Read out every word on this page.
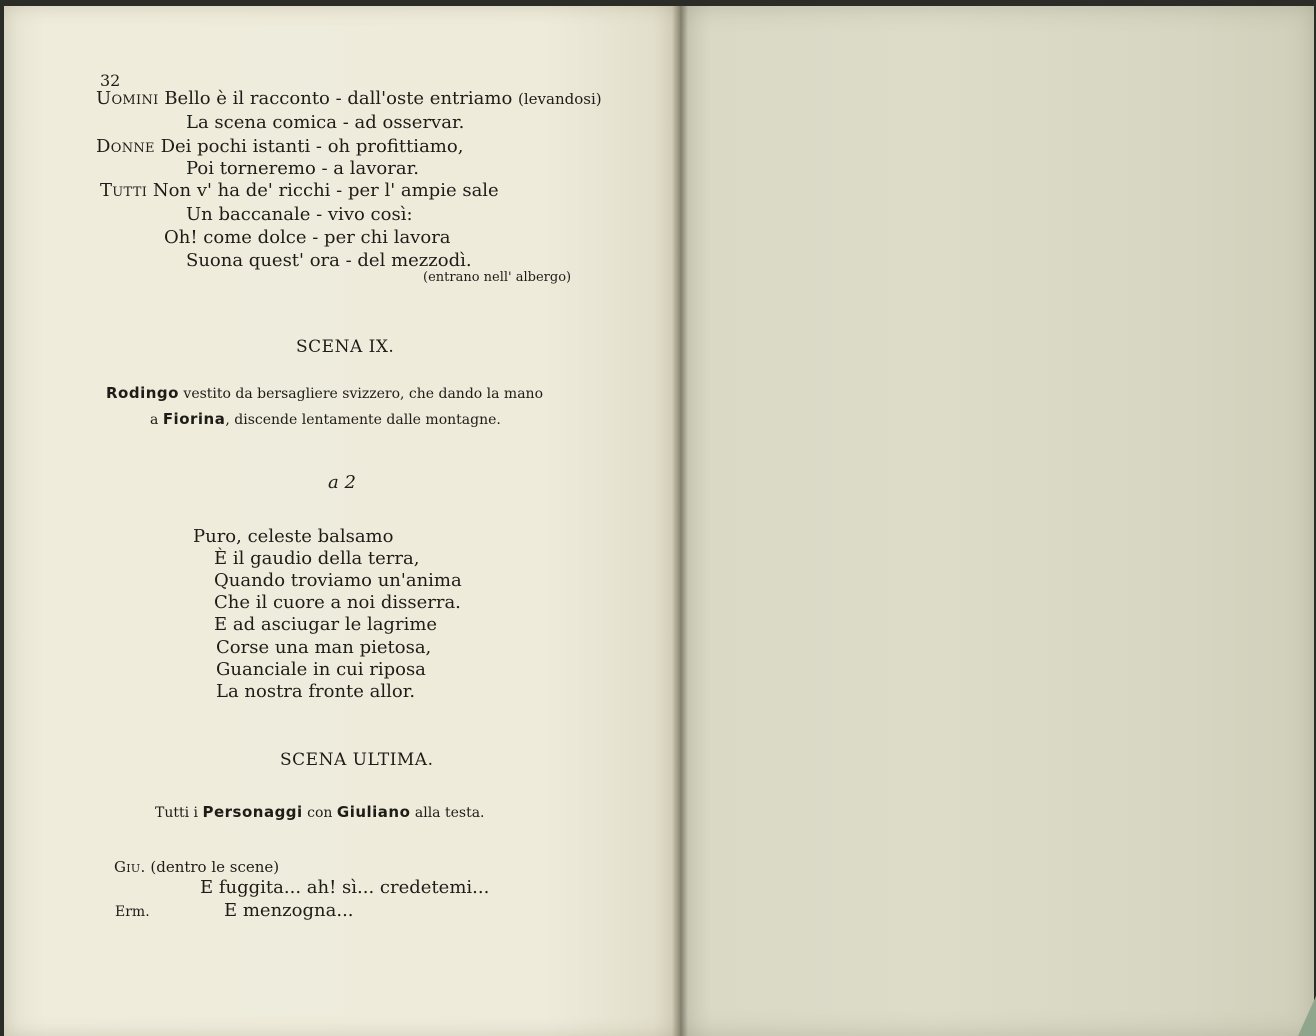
32
Uomini Bello è il racconto - dall'oste entriamo (levandosi)
La scena comica - ad osservar.
Donne Dei pochi istanti - oh profittiamo,
Poi torneremo - a lavorar.
Tutti Non v' ha de' ricchi - per l' ampie sale
Un baccanale - vivo così:
Oh! come dolce - per chi lavora
Suona quest' ora - del mezzodì.
(entrano nell' albergo)
SCENA IX.
Rodingo vestito da bersagliere svizzero, che dando la mano
a Fiorina, discende lentamente dalle montagne.
a 2
Puro, celeste balsamo
È il gaudio della terra,
Quando troviamo un'anima
Che il cuore a noi disserra.
E ad asciugar le lagrime
Corse una man pietosa,
Guanciale in cui riposa
La nostra fronte allor.
SCENA ULTIMA.
Tutti i Personaggi con Giuliano alla testa.
Giu. (dentro le scene)
E fuggita... ah! sì... credetemi...
Erm.	E menzogna...
